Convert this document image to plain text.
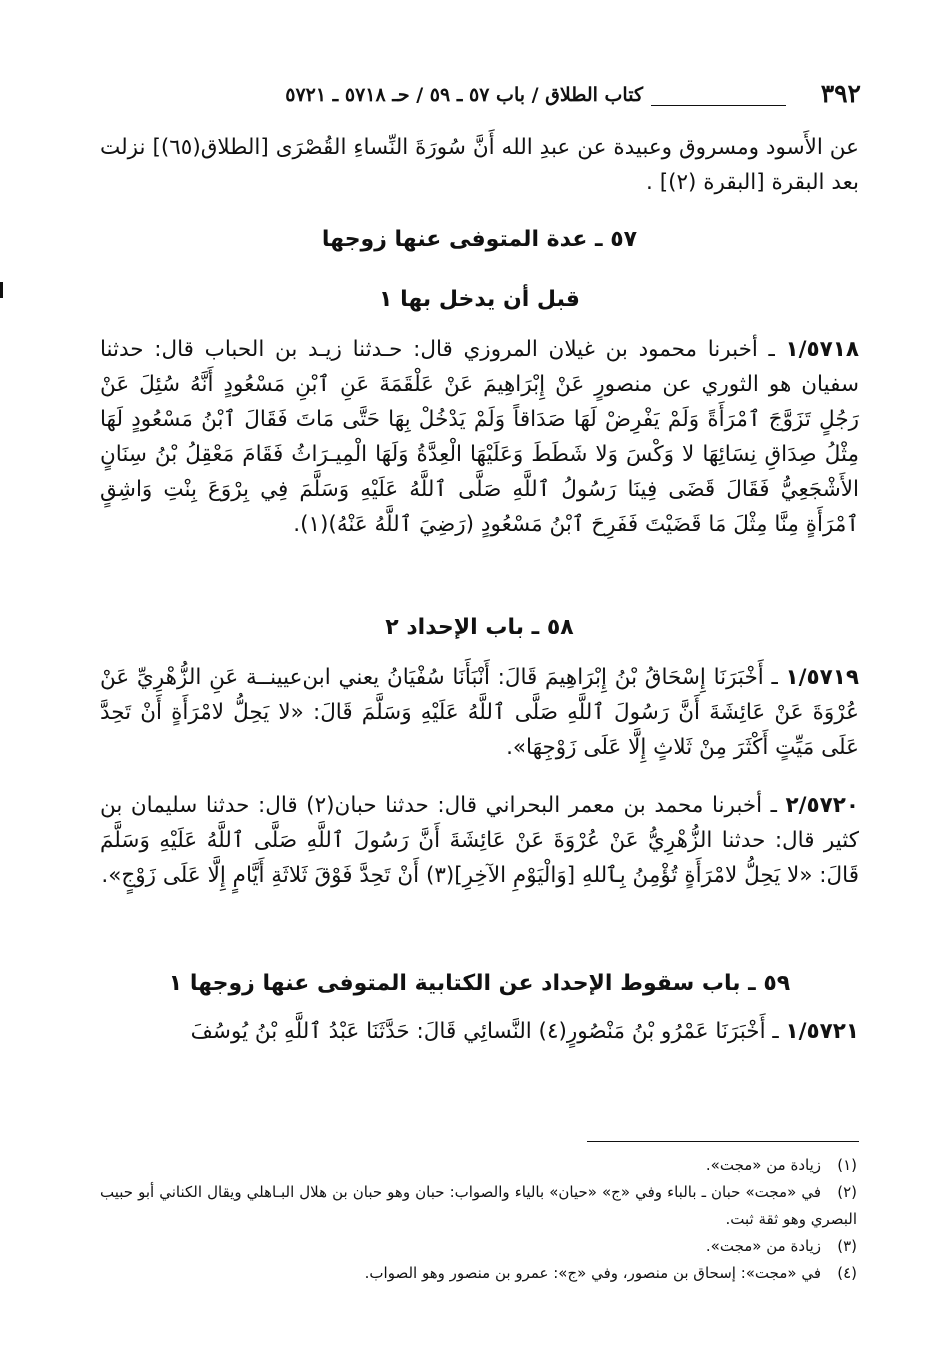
٣٩٢
كتاب الطلاق / باب ٥٧ ـ ٥٩ / حـ ٥٧١٨ ـ ٥٧٢١

عن الأَسود ومسروق وعبيدة عن عبدِ الله أَنَّ سُورَةَ النِّساءِ القُصْرَى [الطلاق(٦٥)] نزلت بعد البقرة [البقرة (٢)] .

٥٧ ـ عدة المتوفى عنها زوجها

قبل أن يدخل بها ١

١/٥٧١٨ ـ أخبرنا محمود بن غيلان المروزي قال: حـدثنا زيـد بن الحباب قال: حدثنا سفيان هو الثوري عن منصورٍ عَنْ إِبْرَاهِيمَ عَنْ عَلْقَمَةَ عَنِ ٱبْنِ مَسْعُودٍ أَنَّهُ سُئِلَ عَنْ رَجُلٍ تَزَوَّجَ ٱمْرَأَةً وَلَمْ يَفْرِضْ لَهَا صَدَاقاً وَلَمْ يَدْخُلْ بِهَا حَتَّى مَاتَ فَقَالَ ٱبْنُ مَسْعُودٍ لَهَا مِثْلُ صِدَاقِ نِسَائِهَا لا وَكْسَ وَلا شَطَطَ وَعَلَيْهَا الْعِدَّةُ وَلَهَا الْمِيـرَاثُ فَقَامَ مَعْقِلُ بْنُ سِنَانٍ الأَشْجَعِيُّ فَقَالَ قَضَى فِينَا رَسُولُ ٱللَّهِ صَلَّى ٱللَّهُ عَلَيْهِ وَسَلَّمَ فِي بِرْوَعَ بِنْتِ وَاشِقٍ ٱمْرَأَةٍ مِنَّا مِثْلَ مَا قَضَيْتَ فَفَرِحَ ٱبْنُ مَسْعُودٍ (رَضِيَ ٱللَّهُ عَنْهُ)(١).

٥٨ ـ باب الإحداد ٢

١/٥٧١٩ ـ أَخْبَرَنَا إِسْحَاقُ بْنُ إِبْرَاهِيمَ قَالَ: أَنْبَأَنَا سُفْيَانُ يعني ابن‌عيينــة عَنِ الزُّهْرِيِّ عَنْ عُرْوَةَ عَنْ عَائِشَةَ أَنَّ رَسُولَ ٱللَّهِ صَلَّى ٱللَّهُ عَلَيْهِ وَسَلَّمَ قَالَ: «لا يَحِلُّ لامْرَأَةٍ أَنْ تَحِدَّ عَلَى مَيِّتٍ أَكْثَرَ مِنْ ثَلاثٍ إِلَّا عَلَى زَوْجِهَا».

٢/٥٧٢٠ ـ أخبرنا محمد بن معمر البحراني قال: حدثنا حبان(٢) قال: حدثنا سليمان بن كثير قال: حدثنا الزُّهْرِيُّ عَنْ عُرْوَةَ عَنْ عَائِشَةَ أَنَّ رَسُولَ ٱللَّهِ صَلَّى ٱللَّهُ عَلَيْهِ وَسَلَّمَ قَالَ: «لا يَحِلُّ لامْرَأَةٍ تُؤْمِنُ بِٱللهِ [وَالْيَوْمِ الآخِرِ](٣) أَنْ تَحِدَّ فَوْقَ ثَلاثَةِ أَيَّامٍ إِلَّا عَلَى زَوْجٍ».

٥٩ ـ باب سقوط الإحداد عن الكتابية المتوفى عنها زوجها ١

١/٥٧٢١ ـ أَخْبَرَنَا عَمْرُو بْنُ مَنْصُورٍ(٤) النَّسائِي قَالَ: حَدَّثَنَا عَبْدُ ٱللَّهِ بْنُ يُوسُفَ

(١)زيادة من «مجت».

(٢)في «مجت» حبان ـ بالباء وفي «ج» «حيان» بالياء والصواب: حبان وهو حبان بن هلال البـاهلي ويقال الكناني أبو حبيب البصري وهو ثقة ثبت.

(٣)زيادة من «مجت».

(٤)في «مجت»: إسحاق بن منصور، وفي «ج»: عمرو بن منصور وهو الصواب.
